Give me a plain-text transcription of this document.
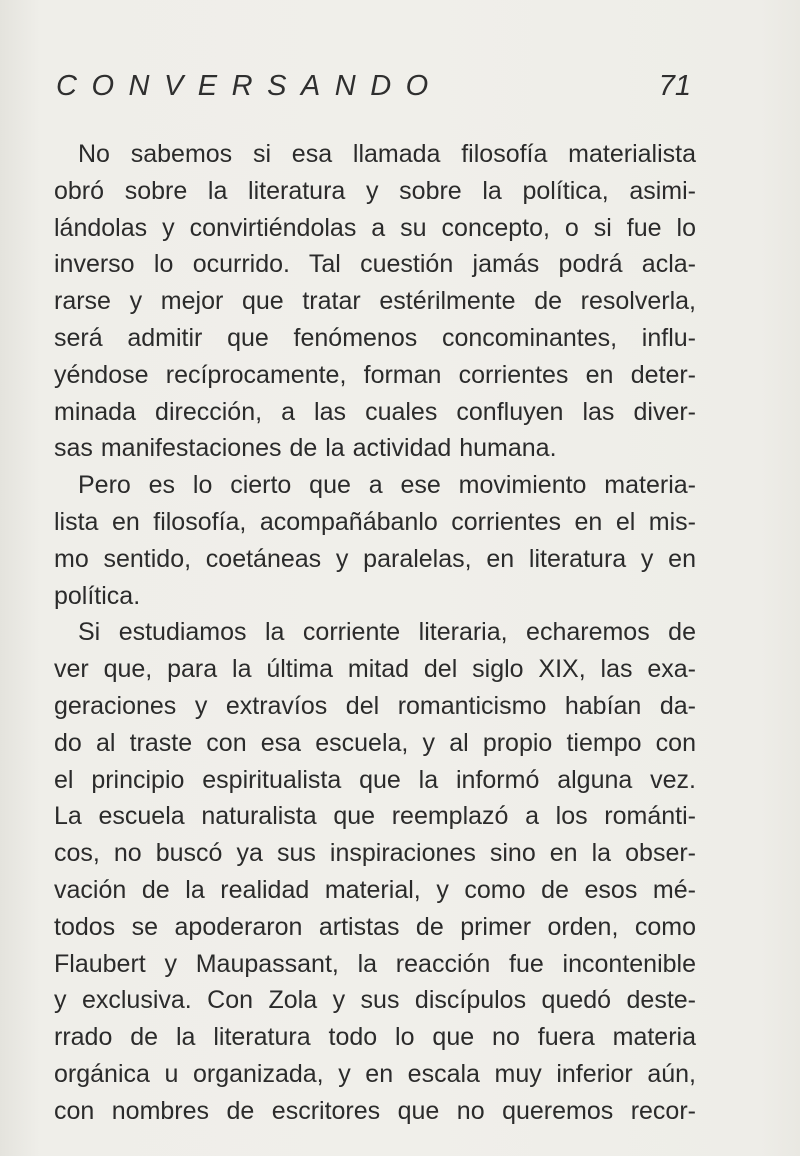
CONVERSANDO	71
No sabemos si esa llamada filosofía materialista
obró sobre la literatura y sobre la política, asimi-
lándolas y convirtiéndolas a su concepto, o si fue lo
inverso lo ocurrido. Tal cuestión jamás podrá acla-
rarse y mejor que tratar estérilmente de resolverla,
será admitir que fenómenos concominantes, influ-
yéndose recíprocamente, forman corrientes en deter-
minada dirección, a las cuales confluyen las diver-
sas manifestaciones de la actividad humana.
Pero es lo cierto que a ese movimiento materia-
lista en filosofía, acompañábanlo corrientes en el mis-
mo sentido, coetáneas y paralelas, en literatura y en
política.
Si estudiamos la corriente literaria, echaremos de
ver que, para la última mitad del siglo XIX, las exa-
geraciones y extravíos del romanticismo habían da-
do al traste con esa escuela, y al propio tiempo con
el principio espiritualista que la informó alguna vez.
La escuela naturalista que reemplazó a los románti-
cos, no buscó ya sus inspiraciones sino en la obser-
vación de la realidad material, y como de esos mé-
todos se apoderaron artistas de primer orden, como
Flaubert y Maupassant, la reacción fue incontenible
y exclusiva. Con Zola y sus discípulos quedó deste-
rrado de la literatura todo lo que no fuera materia
orgánica u organizada, y en escala muy inferior aún,
con nombres de escritores que no queremos recor-
